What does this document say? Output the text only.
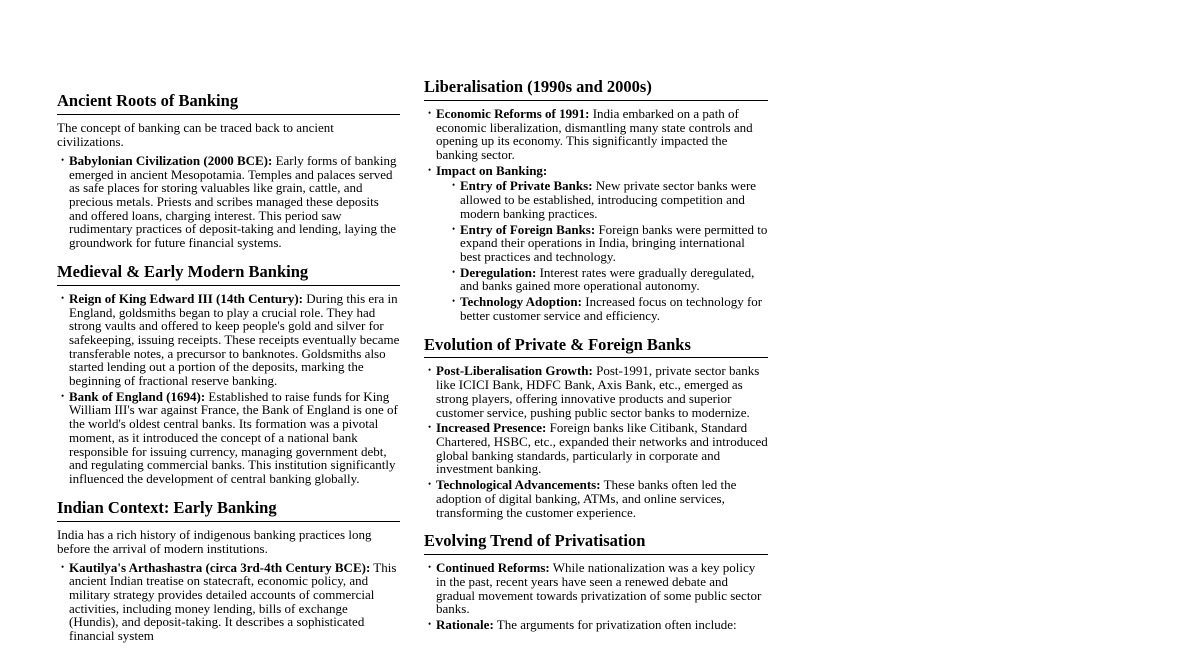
Ancient Roots of Banking

The concept of banking can be traced back to ancient civilizations.

• Babylonian Civilization (2000 BCE): Early forms of banking emerged in ancient Mesopotamia. Temples and palaces served as safe places for storing valuables like grain, cattle, and precious metals. Priests and scribes managed these deposits and offered loans, charging interest. This period saw rudimentary practices of deposit-taking and lending, laying the groundwork for future financial systems.
Medieval & Early Modern Banking
• Reign of King Edward III (14th Century): During this era in England, goldsmiths began to play a crucial role. They had strong vaults and offered to keep people's gold and silver for safekeeping, issuing receipts. These receipts eventually became transferable notes, a precursor to banknotes. Goldsmiths also started lending out a portion of the deposits, marking the beginning of fractional reserve banking.
• Bank of England (1694): Established to raise funds for King William III's war against France, the Bank of England is one of the world's oldest central banks. Its formation was a pivotal moment, as it introduced the concept of a national bank responsible for issuing currency, managing government debt, and regulating commercial banks. This institution significantly influenced the development of central banking globally.
Indian Context: Early Banking

India has a rich history of indigenous banking practices long before the arrival of modern institutions.

• Kautilya's Arthashastra (circa 3rd-4th Century BCE): This ancient Indian treatise on statecraft, economic policy, and military strategy provides detailed accounts of commercial activities, including money lending, bills of exchange (Hundis), and deposit-taking. It describes a sophisticated financial system
Liberalisation (1990s and 2000s)
• Economic Reforms of 1991: India embarked on a path of economic liberalization, dismantling many state controls and opening up its economy. This significantly impacted the banking sector.
• Impact on Banking:
• Entry of Private Banks: New private sector banks were allowed to be established, introducing competition and modern banking practices.
• Entry of Foreign Banks: Foreign banks were permitted to expand their operations in India, bringing international best practices and technology.
• Deregulation: Interest rates were gradually deregulated, and banks gained more operational autonomy.
• Technology Adoption: Increased focus on technology for better customer service and efficiency.
Evolution of Private & Foreign Banks
• Post-Liberalisation Growth: Post-1991, private sector banks like ICICI Bank, HDFC Bank, Axis Bank, etc., emerged as strong players, offering innovative products and superior customer service, pushing public sector banks to modernize.
• Increased Presence: Foreign banks like Citibank, Standard Chartered, HSBC, etc., expanded their networks and introduced global banking standards, particularly in corporate and investment banking.
• Technological Advancements: These banks often led the adoption of digital banking, ATMs, and online services, transforming the customer experience.
Evolving Trend of Privatisation
• Continued Reforms: While nationalization was a key policy in the past, recent years have seen a renewed debate and gradual movement towards privatization of some public sector banks.
• Rationale: The arguments for privatization often include:
